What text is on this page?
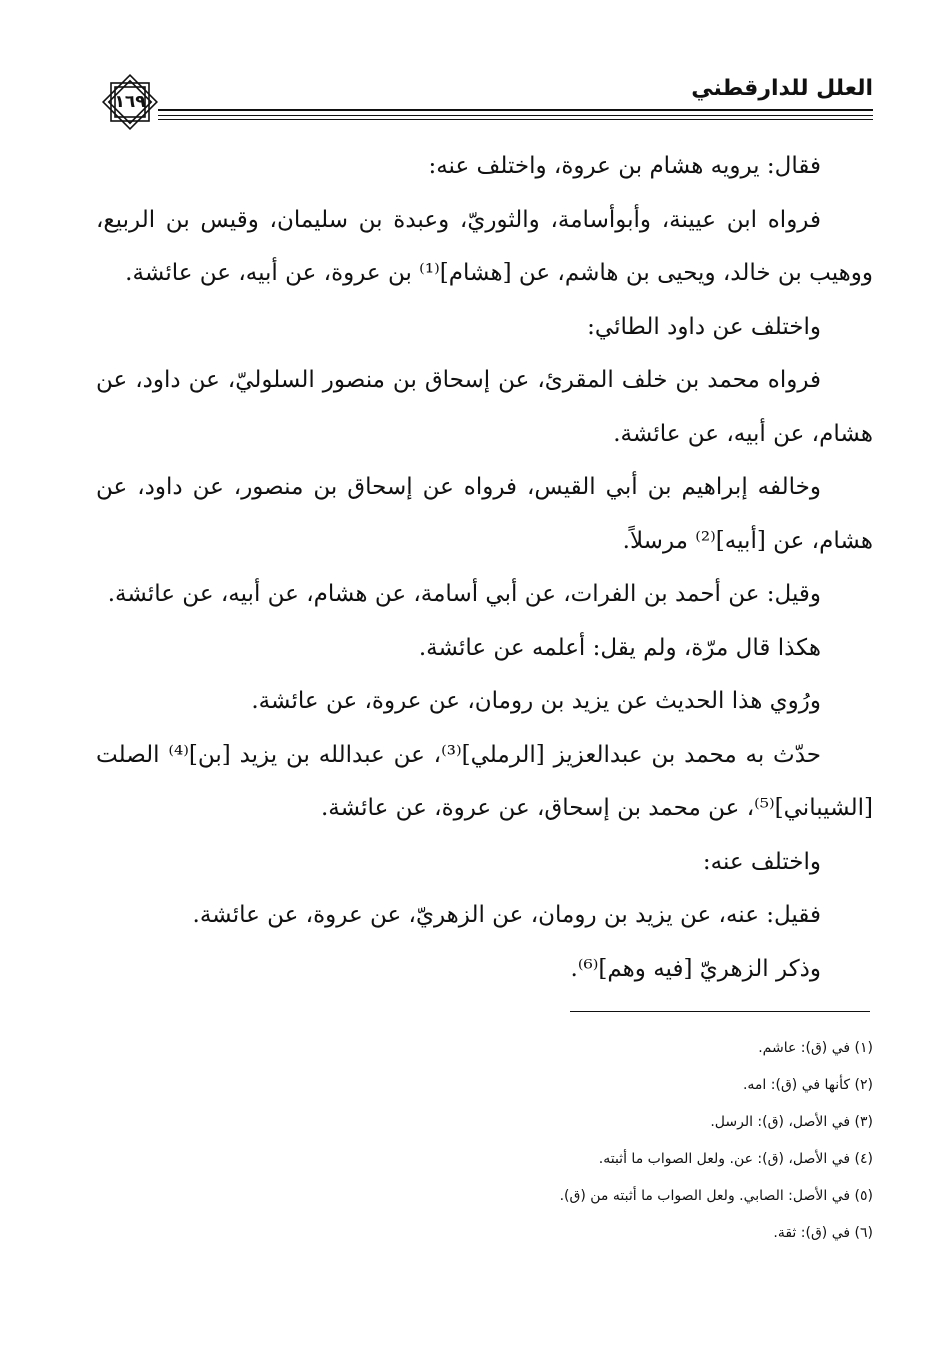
العلل للدارقطني
١٦٩

فقال: يرويه هشام بن عروة، واختلف عنه:

فرواه ابن عيينة، وأبوأسامة، والثوريّ، وعبدة بن سليمان، وقيس بن الربيع، ووهيب بن خالد، ويحيى بن هاشم، عن [هشام]⁽¹⁾ بن عروة، عن أبيه، عن عائشة.

واختلف عن داود الطائي:

فرواه محمد بن خلف المقرئ، عن إسحاق بن منصور السلوليّ، عن داود، عن هشام، عن أبيه، عن عائشة.

وخالفه إبراهيم بن أبي القيس، فرواه عن إسحاق بن منصور، عن داود، عن هشام، عن [أبيه]⁽²⁾ مرسلاً.

وقيل: عن أحمد بن الفرات، عن أبي أسامة، عن هشام، عن أبيه، عن عائشة.

هكذا قال مرّة، ولم يقل: أعلمه عن عائشة.

ورُوي هذا الحديث عن يزيد بن رومان، عن عروة، عن عائشة.

حدّث به محمد بن عبدالعزيز [الرملي]⁽³⁾، عن عبدالله بن يزيد [بن]⁽⁴⁾ الصلت [الشيباني]⁽⁵⁾، عن محمد بن إسحاق، عن عروة، عن عائشة.

واختلف عنه:

فقيل: عنه، عن يزيد بن رومان، عن الزهريّ، عن عروة، عن عائشة.

وذكر الزهريّ [فيه وهم]⁽⁶⁾.

(١) في (ق): عاشم.

(٢) كأنها في (ق): امه.

(٣) في الأصل، (ق): الرسل.

(٤) في الأصل، (ق): عن. ولعل الصواب ما أثبته.

(٥) في الأصل: الصابي. ولعل الصواب ما أثبته من (ق).

(٦) في (ق): ثقة.
